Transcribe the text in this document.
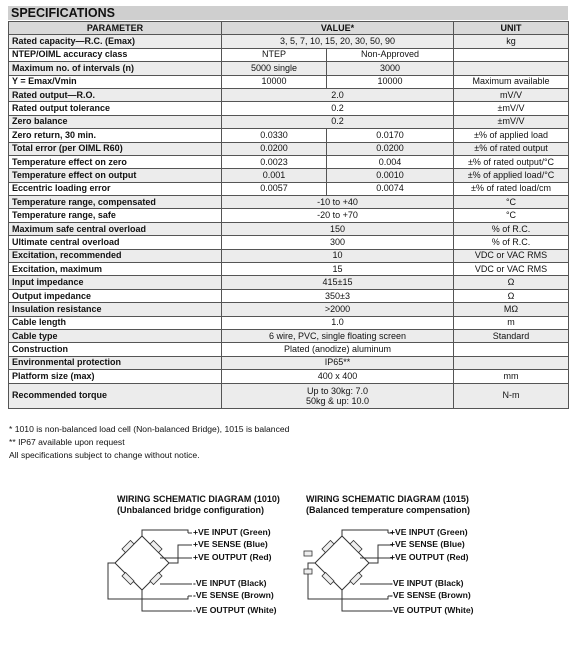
SPECIFICATIONS
PARAMETER	VALUE*		UNIT
Rated capacity—R.C. (Emax)	3, 5, 7, 10, 15, 20, 30, 50, 90		kg
NTEP/OIML accuracy class	NTEP	Non-Approved	
Maximum no. of intervals (n)	5000 single	3000	
Y = Emax/Vmin	10000	10000	Maximum available
Rated output—R.O.	2.0		mV/V
Rated output tolerance	0.2		±mV/V
Zero balance	0.2		±mV/V
Zero return, 30 min.	0.0330	0.0170	±% of applied load
Total error (per OIML R60)	0.0200	0.0200	±% of rated output
Temperature effect on zero	0.0023	0.004	±% of rated output/°C
Temperature effect on output	0.001	0.0010	±% of applied load/°C
Eccentric loading error	0.0057	0.0074	±% of rated load/cm
Temperature range, compensated	-10 to +40		°C
Temperature range, safe	-20 to +70		°C
Maximum safe central overload	150		% of R.C.
Ultimate central overload	300		% of R.C.
Excitation, recommended	10		VDC or VAC RMS
Excitation, maximum	15		VDC or VAC RMS
Input impedance	415±15		Ω
Output impedance	350±3		Ω
Insulation resistance	>2000		MΩ
Cable length	1.0		m
Cable type	6 wire, PVC, single floating screen		Standard
Construction	Plated (anodize) aluminum		
Environmental protection	IP65**		
Platform size (max)	400 x 400		mm
Recommended torque	Up to 30kg: 7.0
50kg & up: 10.0		N-m
* 1010 is non-balanced load cell (Non-balanced Bridge), 1015 is balanced
** IP67 available upon request
All specifications subject to change without notice.
WIRING SCHEMATIC DIAGRAM (1010)
(Unbalanced bridge configuration)
+VE INPUT (Green)
+VE SENSE (Blue)
+VE OUTPUT (Red)
-VE INPUT (Black)
-VE SENSE (Brown)
-VE OUTPUT (White)
WIRING SCHEMATIC DIAGRAM (1015)
(Balanced temperature compensation)
+VE INPUT (Green)
+VE SENSE (Blue)
+VE OUTPUT (Red)
-VE INPUT (Black)
-VE SENSE (Brown)
-VE OUTPUT (White)
